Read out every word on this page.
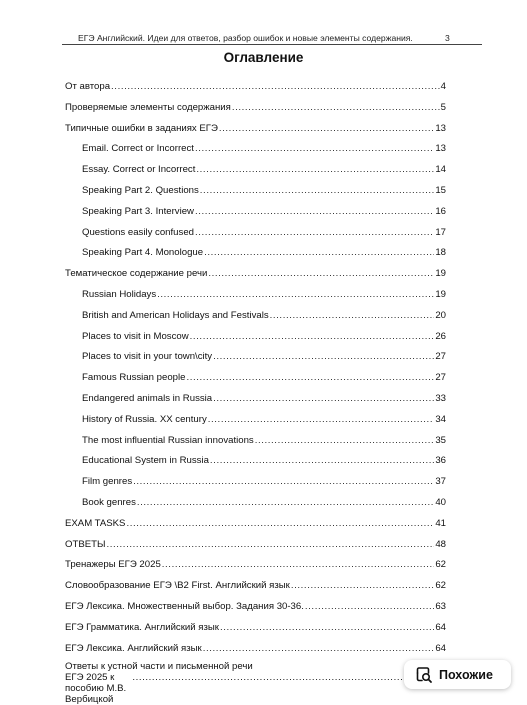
ЕГЭ Английский. Идеи для ответов, разбор ошибок и новые элементы содержания.	3
Оглавление
От автора .....	4
Проверяемые элементы содержания .....	5
Типичные ошибки в заданиях ЕГЭ .....	13
Email. Correct or Incorrect .....	13
Essay. Correct or Incorrect .....	14
Speaking Part 2. Questions .....	15
Speaking Part 3. Interview .....	16
Questions easily confused .....	17
Speaking Part 4. Monologue .....	18
Тематическое содержание речи .....	19
Russian Holidays .....	19
British and American Holidays and Festivals .....	20
Places to visit in Moscow .....	26
Places to visit in your town\city .....	27
Famous Russian people .....	27
Endangered animals in Russia .....	33
History of Russia. XX century .....	34
The most influential Russian innovations .....	35
Educational System in Russia .....	36
Film genres .....	37
Book genres .....	40
EXAM TASKS .....	41
ОТВЕТЫ .....	48
Тренажеры ЕГЭ 2025 .....	62
Словообразование ЕГЭ \B2 First. Английский язык .....	62
ЕГЭ Лексика. Множественный выбор. Задания 30-36. .....	63
ЕГЭ Грамматика. Английский язык .....	64
ЕГЭ Лексика. Английский язык .....	64
Ответы к устной части и письменной речи
ЕГЭ 2025 к пособию М.В. Вербицкой
.....
Похожие
